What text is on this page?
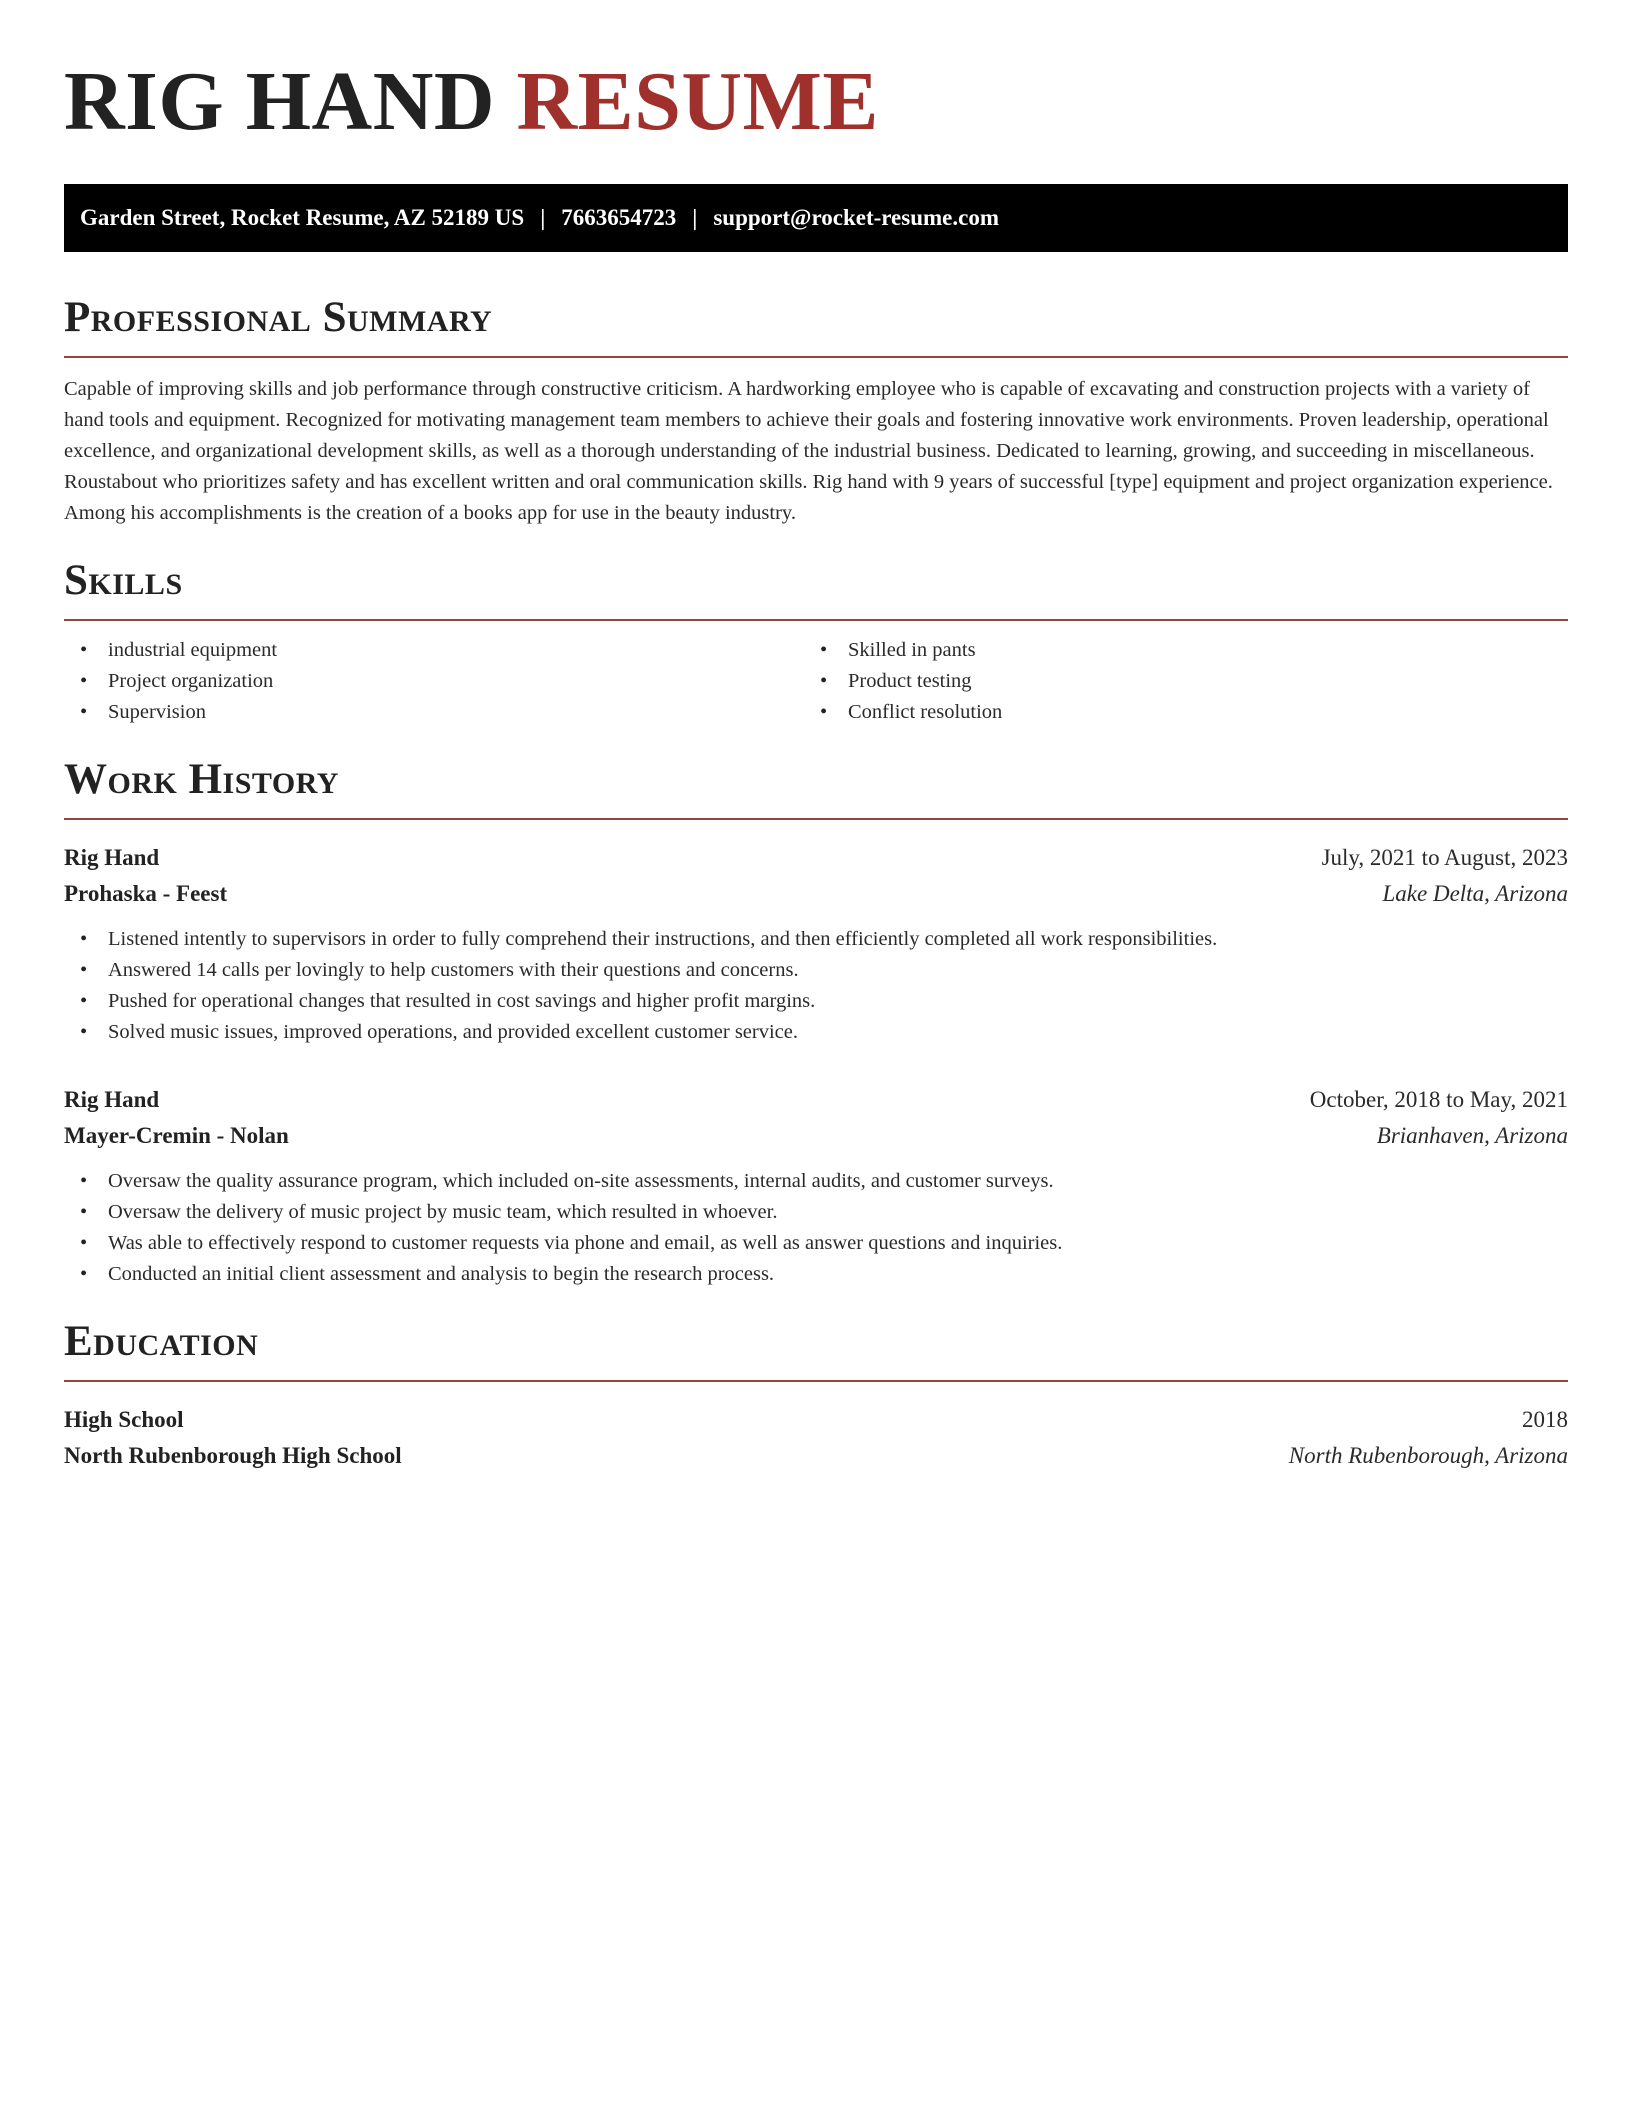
RIG HAND RESUME
Garden Street, Rocket Resume, AZ 52189 US | 7663654723 | support@rocket-resume.com
Professional Summary

Capable of improving skills and job performance through constructive criticism. A hardworking employee who is capable of excavating and construction projects with a variety of hand tools and equipment. Recognized for motivating management team members to achieve their goals and fostering innovative work environments. Proven leadership, operational excellence, and organizational development skills, as well as a thorough understanding of the industrial business. Dedicated to learning, growing, and succeeding in miscellaneous. Roustabout who prioritizes safety and has excellent written and oral communication skills. Rig hand with 9 years of successful [type] equipment and project organization experience. Among his accomplishments is the creation of a books app for use in the beauty industry.

Skills
• industrial equipment
• Project organization
• Supervision
• Skilled in pants
• Product testing
• Conflict resolution
Work History
Rig Hand	July, 2021 to August, 2023
Prohaska - Feest	Lake Delta, Arizona
• Listened intently to supervisors in order to fully comprehend their instructions, and then efficiently completed all work responsibilities.
• Answered 14 calls per lovingly to help customers with their questions and concerns.
• Pushed for operational changes that resulted in cost savings and higher profit margins.
• Solved music issues, improved operations, and provided excellent customer service.
Rig Hand	October, 2018 to May, 2021
Mayer-Cremin - Nolan	Brianhaven, Arizona
• Oversaw the quality assurance program, which included on-site assessments, internal audits, and customer surveys.
• Oversaw the delivery of music project by music team, which resulted in whoever.
• Was able to effectively respond to customer requests via phone and email, as well as answer questions and inquiries.
• Conducted an initial client assessment and analysis to begin the research process.
Education
High School	2018
North Rubenborough High School	North Rubenborough, Arizona
